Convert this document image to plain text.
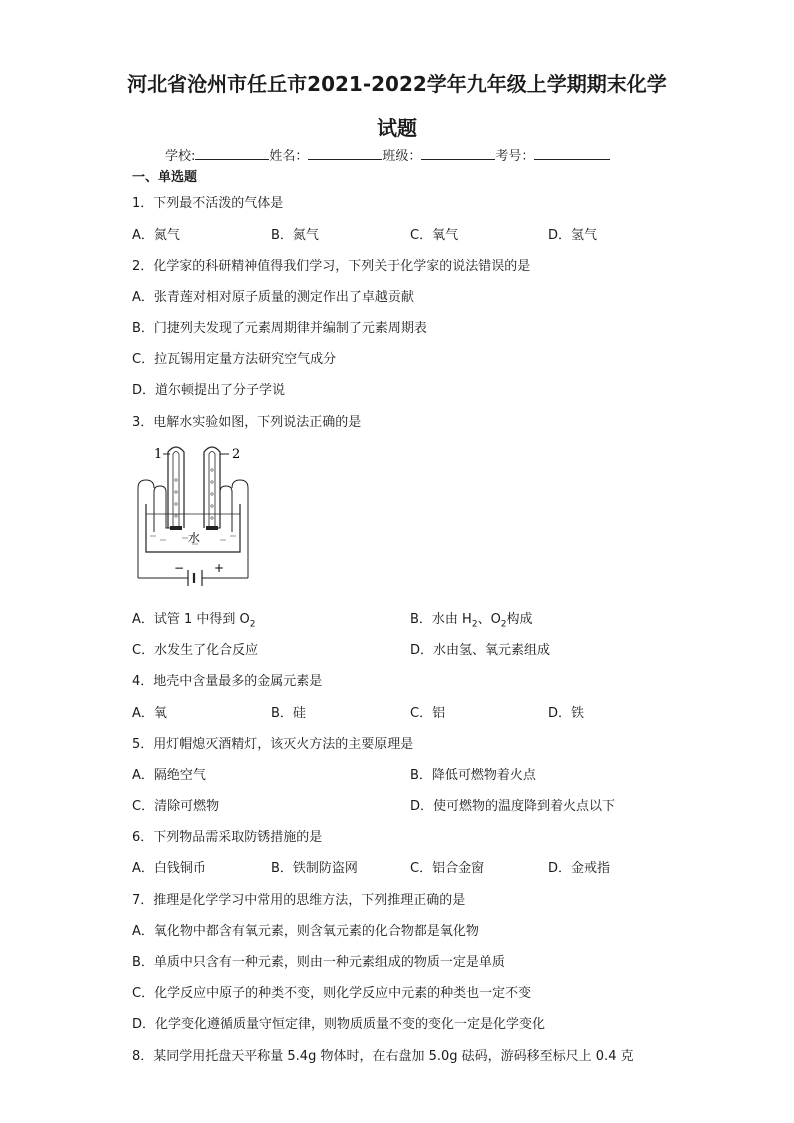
河北省沧州市任丘市2021-2022学年九年级上学期期末化学
试题
学校:	姓名：	班级：	考号：
一、单选题
1．下列最不活泼的气体是
A．氮气	B．氮气	C．氧气	D．氢气
2．化学家的科研精神值得我们学习，下列关于化学家的说法错误的是
A．张青莲对相对原子质量的测定作出了卓越贡献
B．门捷列夫发现了元素周期律并编制了元素周期表
C．拉瓦锡用定量方法研究空气成分
D．道尔顿提出了分子学说
3．电解水实验如图，下列说法正确的是
1	2
水
− +
A．试管 1 中得到 $O_2$	B．水由 $H_2$、$O_2$构成
C．水发生了化合反应	D．水由氢、氧元素组成
4．地壳中含量最多的金属元素是
A．氧	B．硅	C．铝	D．铁
5．用灯帽熄灭酒精灯，该灭火方法的主要原理是
A．隔绝空气	B．降低可燃物着火点
C．清除可燃物	D．使可燃物的温度降到着火点以下
6．下列物品需采取防锈措施的是
A．白钱铜币	B．铁制防盗网	C．铝合金窗	D．金戒指
7．推理是化学学习中常用的思维方法，下列推理正确的是
A．氧化物中都含有氧元素，则含氧元素的化合物都是氧化物
B．单质中只含有一种元素，则由一种元素组成的物质一定是单质
C．化学反应中原子的种类不变，则化学反应中元素的种类也一定不变
D．化学变化遵循质量守恒定律，则物质质量不变的变化一定是化学变化
8．某同学用托盘天平称量 5.4g 物体时，在右盘加 5.0g 砝码，游码移至标尺上 0.4 克
